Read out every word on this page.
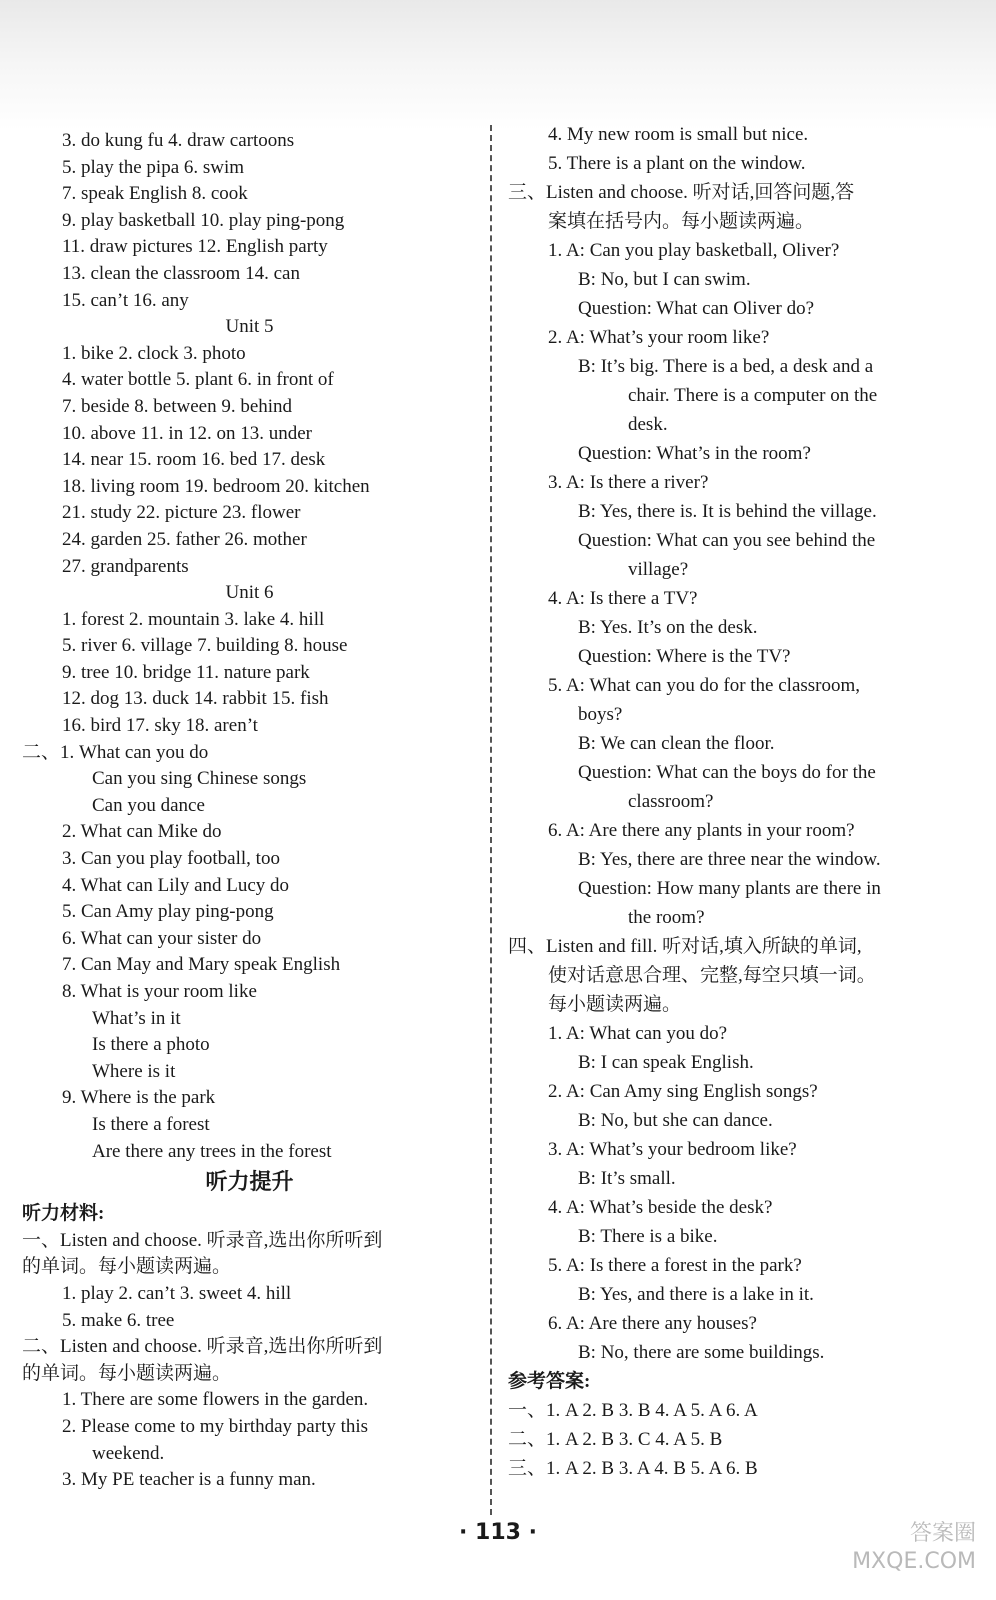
3. do kung fu 4. draw cartoons
5. play the pipa 6. swim
7. speak English 8. cook
9. play basketball 10. play ping-pong
11. draw pictures 12. English party
13. clean the classroom 14. can
15. can’t 16. any
Unit 5
1. bike 2. clock 3. photo
4. water bottle 5. plant 6. in front of
7. beside 8. between 9. behind
10. above 11. in 12. on 13. under
14. near 15. room 16. bed 17. desk
18. living room 19. bedroom 20. kitchen
21. study 22. picture 23. flower
24. garden 25. father 26. mother
27. grandparents
Unit 6
1. forest 2. mountain 3. lake 4. hill
5. river 6. village 7. building 8. house
9. tree 10. bridge 11. nature park
12. dog 13. duck 14. rabbit 15. fish
16. bird 17. sky 18. aren’t
二、1. What can you do
Can you sing Chinese songs
Can you dance
2. What can Mike do
3. Can you play football, too
4. What can Lily and Lucy do
5. Can Amy play ping-pong
6. What can your sister do
7. Can May and Mary speak English
8. What is your room like
What’s in it
Is there a photo
Where is it
9. Where is the park
Is there a forest
Are there any trees in the forest
听力提升
听力材料:
一、Listen and choose. 听录音,选出你所听到
的单词。每小题读两遍。
1. play 2. can’t 3. sweet 4. hill
5. make 6. tree
二、Listen and choose. 听录音,选出你所听到
的单词。每小题读两遍。
1. There are some flowers in the garden.
2. Please come to my birthday party this
weekend.
3. My PE teacher is a funny man.
4. My new room is small but nice.
5. There is a plant on the window.
三、Listen and choose. 听对话,回答问题,答
案填在括号内。每小题读两遍。
1. A: Can you play basketball, Oliver?
B: No, but I can swim.
Question: What can Oliver do?
2. A: What’s your room like?
B: It’s big. There is a bed, a desk and a
chair. There is a computer on the
desk.
Question: What’s in the room?
3. A: Is there a river?
B: Yes, there is. It is behind the village.
Question: What can you see behind the
village?
4. A: Is there a TV?
B: Yes. It’s on the desk.
Question: Where is the TV?
5. A: What can you do for the classroom,
boys?
B: We can clean the floor.
Question: What can the boys do for the
classroom?
6. A: Are there any plants in your room?
B: Yes, there are three near the window.
Question: How many plants are there in
the room?
四、Listen and fill. 听对话,填入所缺的单词,
使对话意思合理、完整,每空只填一词。
每小题读两遍。
1. A: What can you do?
B: I can speak English.
2. A: Can Amy sing English songs?
B: No, but she can dance.
3. A: What’s your bedroom like?
B: It’s small.
4. A: What’s beside the desk?
B: There is a bike.
5. A: Is there a forest in the park?
B: Yes, and there is a lake in it.
6. A: Are there any houses?
B: No, there are some buildings.
参考答案:
一、1. A 2. B 3. B 4. A 5. A 6. A
二、1. A 2. B 3. C 4. A 5. B
三、1. A 2. B 3. A 4. B 5. A 6. B
· 113 ·	答案圈
MXQE.COM
